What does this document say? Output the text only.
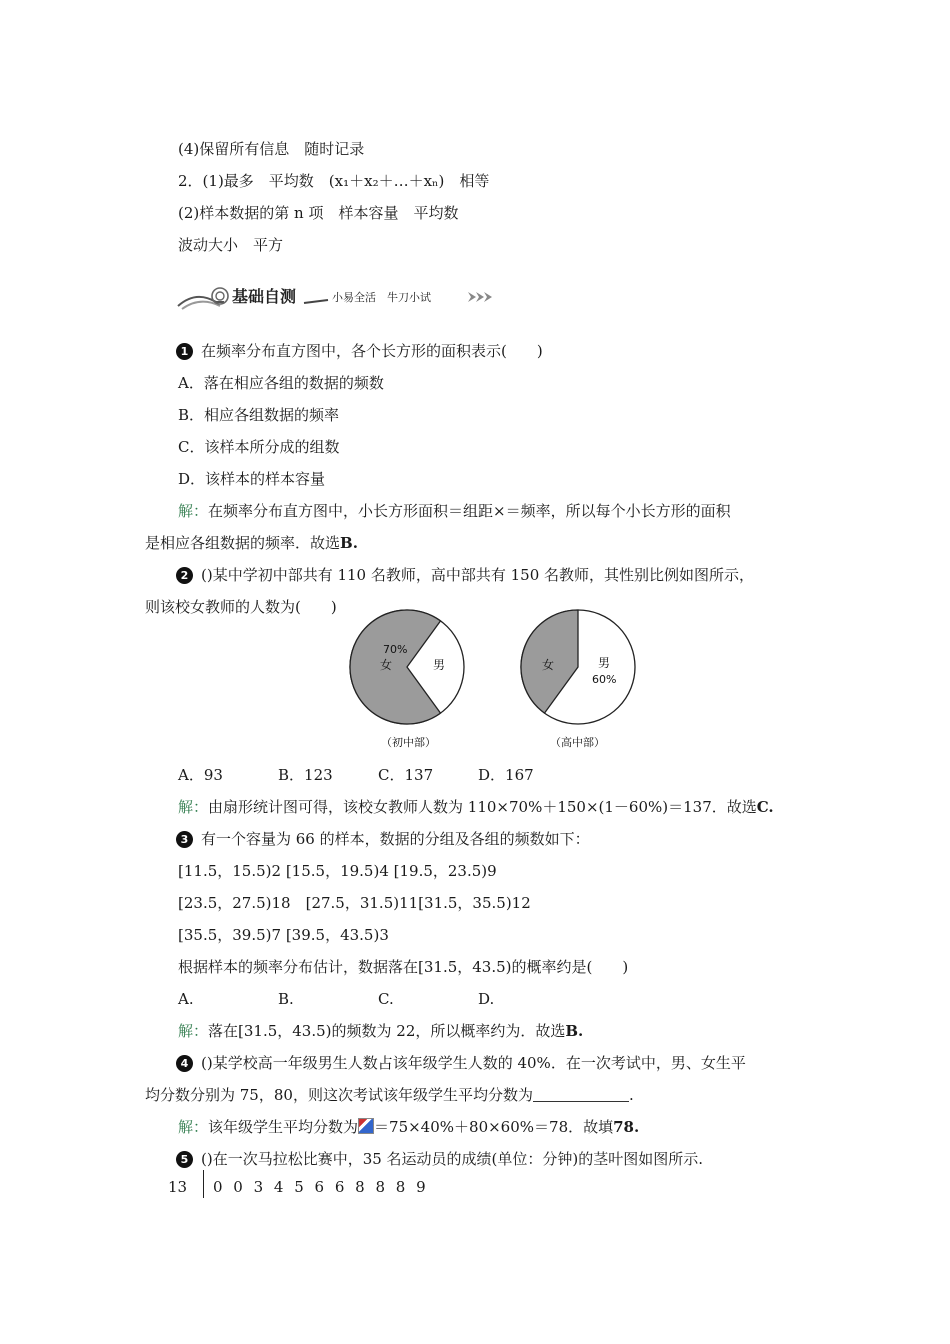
(4)保留所有信息　随时记录
2．(1)最多　平均数　(x₁＋x₂＋…＋xₙ)　相等
(2)样本数据的第 n 项　样本容量　平均数
波动大小　平方
基础自测	小易全活　牛刀小试
1 在频率分布直方图中，各个长方形的面积表示(　　)
A．落在相应各组的数据的频数
B．相应各组数据的频率
C．该样本所分成的组数
D．该样本的样本容量
解：在频率分布直方图中，小长方形面积＝组距×＝频率，所以每个小长方形的面积
是相应各组数据的频率．故选B.
2 ()某中学初中部共有 110 名教师，高中部共有 150 名教师，其性别比例如图所示，
则该校女教师的人数为(　　)
70%
女	男
（初中部）
女	男
60%
（高中部）
A．93	B．123	C．137	D．167
解：由扇形统计图可得，该校女教师人数为 110×70%＋150×(1－60%)＝137．故选C.
3 有一个容量为 66 的样本，数据的分组及各组的频数如下：
[11.5，15.5)2 [15.5，19.5)4 [19.5，23.5)9
[23.5，27.5)18　[27.5，31.5)11[31.5，35.5)12
[35.5，39.5)7 [39.5，43.5)3
根据样本的频率分布估计，数据落在[31.5，43.5)的概率约是(　　)
A.	B.	C.	D.
解：落在[31.5，43.5)的频数为 22，所以概率约为．故选B.
4 ()某学校高一年级男生人数占该年级学生人数的 40%．在一次考试中，男、女生平
均分数分别为 75，80，则这次考试该年级学生平均分数为	.
解：该年级学生平均分数为 ＝75×40%＋80×60%＝78．故填78.
5 ()在一次马拉松比赛中，35 名运动员的成绩(单位：分钟)的茎叶图如图所示.
13 0 0 3 4 5 6 6 8 8 8 9
